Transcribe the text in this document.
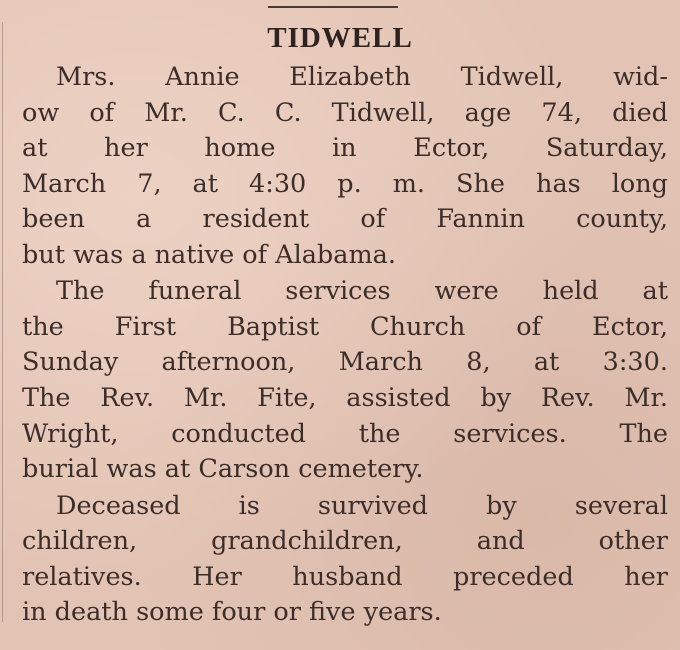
TIDWELL
Mrs. Annie Elizabeth Tidwell, wid-
ow of Mr. C. C. Tidwell, age 74, died
at her home in Ector, Saturday,
March 7, at 4:30 p. m. She has long
been a resident of Fannin county,
but was a native of Alabama.
The funeral services were held at
the First Baptist Church of Ector,
Sunday afternoon, March 8, at 3:30.
The Rev. Mr. Fite, assisted by Rev. Mr.
Wright, conducted the services. The
burial was at Carson cemetery.
Deceased is survived by several
children, grandchildren, and other
relatives. Her husband preceded her
in death some four or five years.
